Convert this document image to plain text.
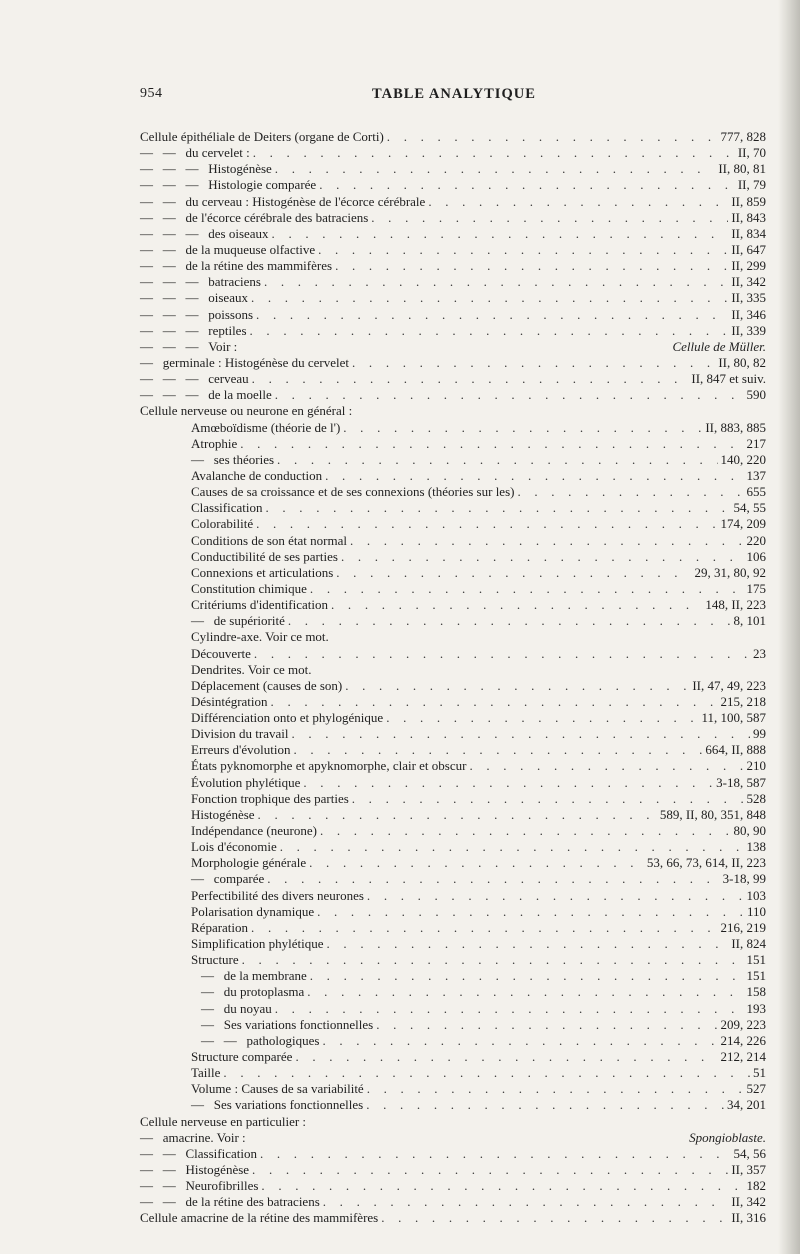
954	TABLE ANALYTIQUE
Cellule épithéliale de Deiters (organe de Corti) . . .	777, 828
—   —   du cervelet : . . .	II, 70
—   —   —   Histogénèse . . .	II, 80, 81
—   —   —   Histologie comparée . . .	II, 79
—   —   du cerveau : Histogénèse de l'écorce cérébrale . . .	II, 859
—   —   de l'écorce cérébrale des batraciens . . .	II, 843
—   —   —   des oiseaux . . .	II, 834
—   —   de la muqueuse olfactive . . .	II, 647
—   —   de la rétine des mammifères . . .	II, 299
—   —   —   batraciens . . .	II, 342
—   —   —   oiseaux . . .	II, 335
—   —   —   poissons . . .	II, 346
—   —   —   reptiles . . .	II, 339
—   —   —   Voir :	Cellule de Müller.
—   germinale : Histogénèse du cervelet . . .	II, 80, 82
—   —   —   cerveau . . .	II, 847 et suiv.
—   —   —   de la moelle . . .	590
Cellule nerveuse ou neurone en général :
Amœboïdisme (théorie de l') . . .	II, 883, 885
Atrophie . . .	217
—   ses théories . . .	140, 220
Avalanche de conduction . . .	137
Causes de sa croissance et de ses connexions (théories sur les) . . .	655
Classification . . .	54, 55
Colorabilité . . .	174, 209
Conditions de son état normal . . .	220
Conductibilité de ses parties . . .	106
Connexions et articulations . . .	29, 31, 80, 92
Constitution chimique . . .	175
Critériums d'identification . . .	148, II, 223
—   de supériorité . . .	8, 101
Cylindre-axe. Voir ce mot.
Découverte . . .	23
Dendrites. Voir ce mot.
Déplacement (causes de son) . . .	II, 47, 49, 223
Désintégration . . .	215, 218
Différenciation onto et phylogénique . . .	11, 100, 587
Division du travail . . .	99
Erreurs d'évolution . . .	664, II, 888
États pyknomorphe et apyknomorphe, clair et obscur . . .	210
Évolution phylétique . . .	3-18, 587
Fonction trophique des parties . . .	528
Histogénèse . . .	589, II, 80, 351, 848
Indépendance (neurone) . . .	80, 90
Lois d'économie . . .	138
Morphologie générale . . .	53, 66, 73, 614, II, 223
—   comparée . . .	3-18, 99
Perfectibilité des divers neurones . . .	103
Polarisation dynamique . . .	110
Réparation . . .	216, 219
Simplification phylétique . . .	II, 824
Structure . . .	151
—   de la membrane . . .	151
—   du protoplasma . . .	158
—   du noyau . . .	193
—   Ses variations fonctionnelles . . .	209, 223
—   —   pathologiques . . .	214, 226
Structure comparée . . .	212, 214
Taille . . .	51
Volume : Causes de sa variabilité . . .	527
—   Ses variations fonctionnelles . . .	34, 201
Cellule nerveuse en particulier :
—   amacrine. Voir :	Spongioblaste.
—   —   Classification . . .	54, 56
—   —   Histogénèse . . .	II, 357
—   —   Neurofibrilles . . .	182
—   —   de la rétine des batraciens . . .	II, 342
Cellule amacrine de la rétine des mammifères . . .	II, 316
